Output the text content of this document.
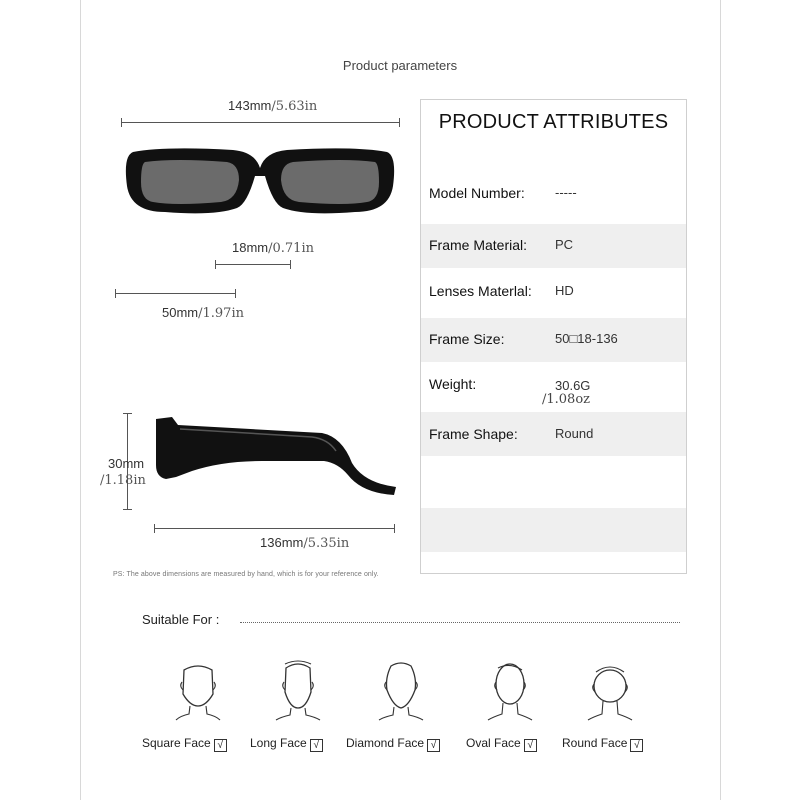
Product parameters
143mm/5.63in
18mm/0.71in
50mm/1.97in
30mm
/1.18in
136mm/5.35in
PS: The above dimensions are measured by hand, which is for your reference only.
PRODUCT ATTRIBUTES
Model Number: -----
Frame Material: PC
Lenses Materlal: HD
Frame Size:	50​□18-136
Weight:	30.6G
/1.08oz
Frame Shape:	Round
Suitable For :
Square Face √	Long Face √	Diamond Face √	Oval Face √	Round Face √
